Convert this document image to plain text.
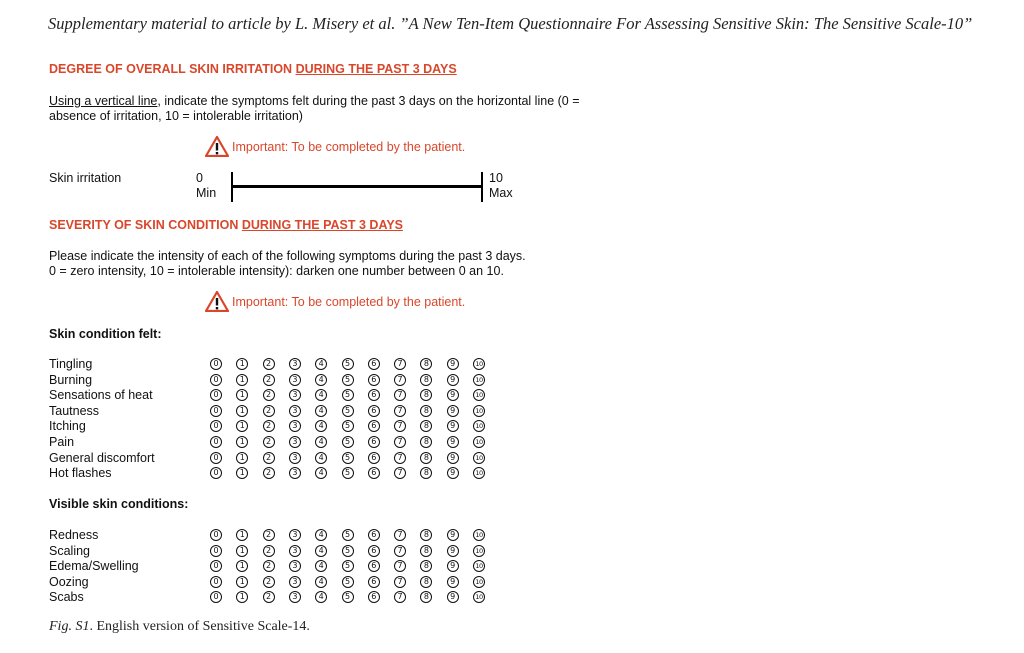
Supplementary material to article by L. Misery et al. ”A New Ten-Item Questionnaire For Assessing Sensitive Skin: The Sensitive Scale-10”
DEGREE OF OVERALL SKIN IRRITATION DURING THE PAST 3 DAYS
Using a vertical line, indicate the symptoms felt during the past 3 days on the horizontal line (0 = absence of irritation, 10 = intolerable irritation)
Important: To be completed by the patient.
Skin irritation	0
Min
10
Max
SEVERITY OF SKIN CONDITION DURING THE PAST 3 DAYS
Please indicate the intensity of each of the following symptoms during the past 3 days.
0 = zero intensity, 10 = intolerable intensity): darken one number between 0 an 10.
Important: To be completed by the patient.
Skin condition felt:
Tingling	0	1	2	3	4	5	6	7	8	9	10
Burning	0	1	2	3	4	5	6	7	8	9	10
Sensations of heat	0	1	2	3	4	5	6	7	8	9	10
Tautness	0	1	2	3	4	5	6	7	8	9	10
Itching	0	1	2	3	4	5	6	7	8	9	10
Pain	0	1	2	3	4	5	6	7	8	9	10
General discomfort	0	1	2	3	4	5	6	7	8	9	10
Hot flashes	0	1	2	3	4	5	6	7	8	9	10
Visible skin conditions:
Redness	0	1	2	3	4	5	6	7	8	9	10
Scaling	0	1	2	3	4	5	6	7	8	9	10
Edema/Swelling	0	1	2	3	4	5	6	7	8	9	10
Oozing	0	1	2	3	4	5	6	7	8	9	10
Scabs	0	1	2	3	4	5	6	7	8	9	10
Fig. S1. English version of Sensitive Scale-14.
